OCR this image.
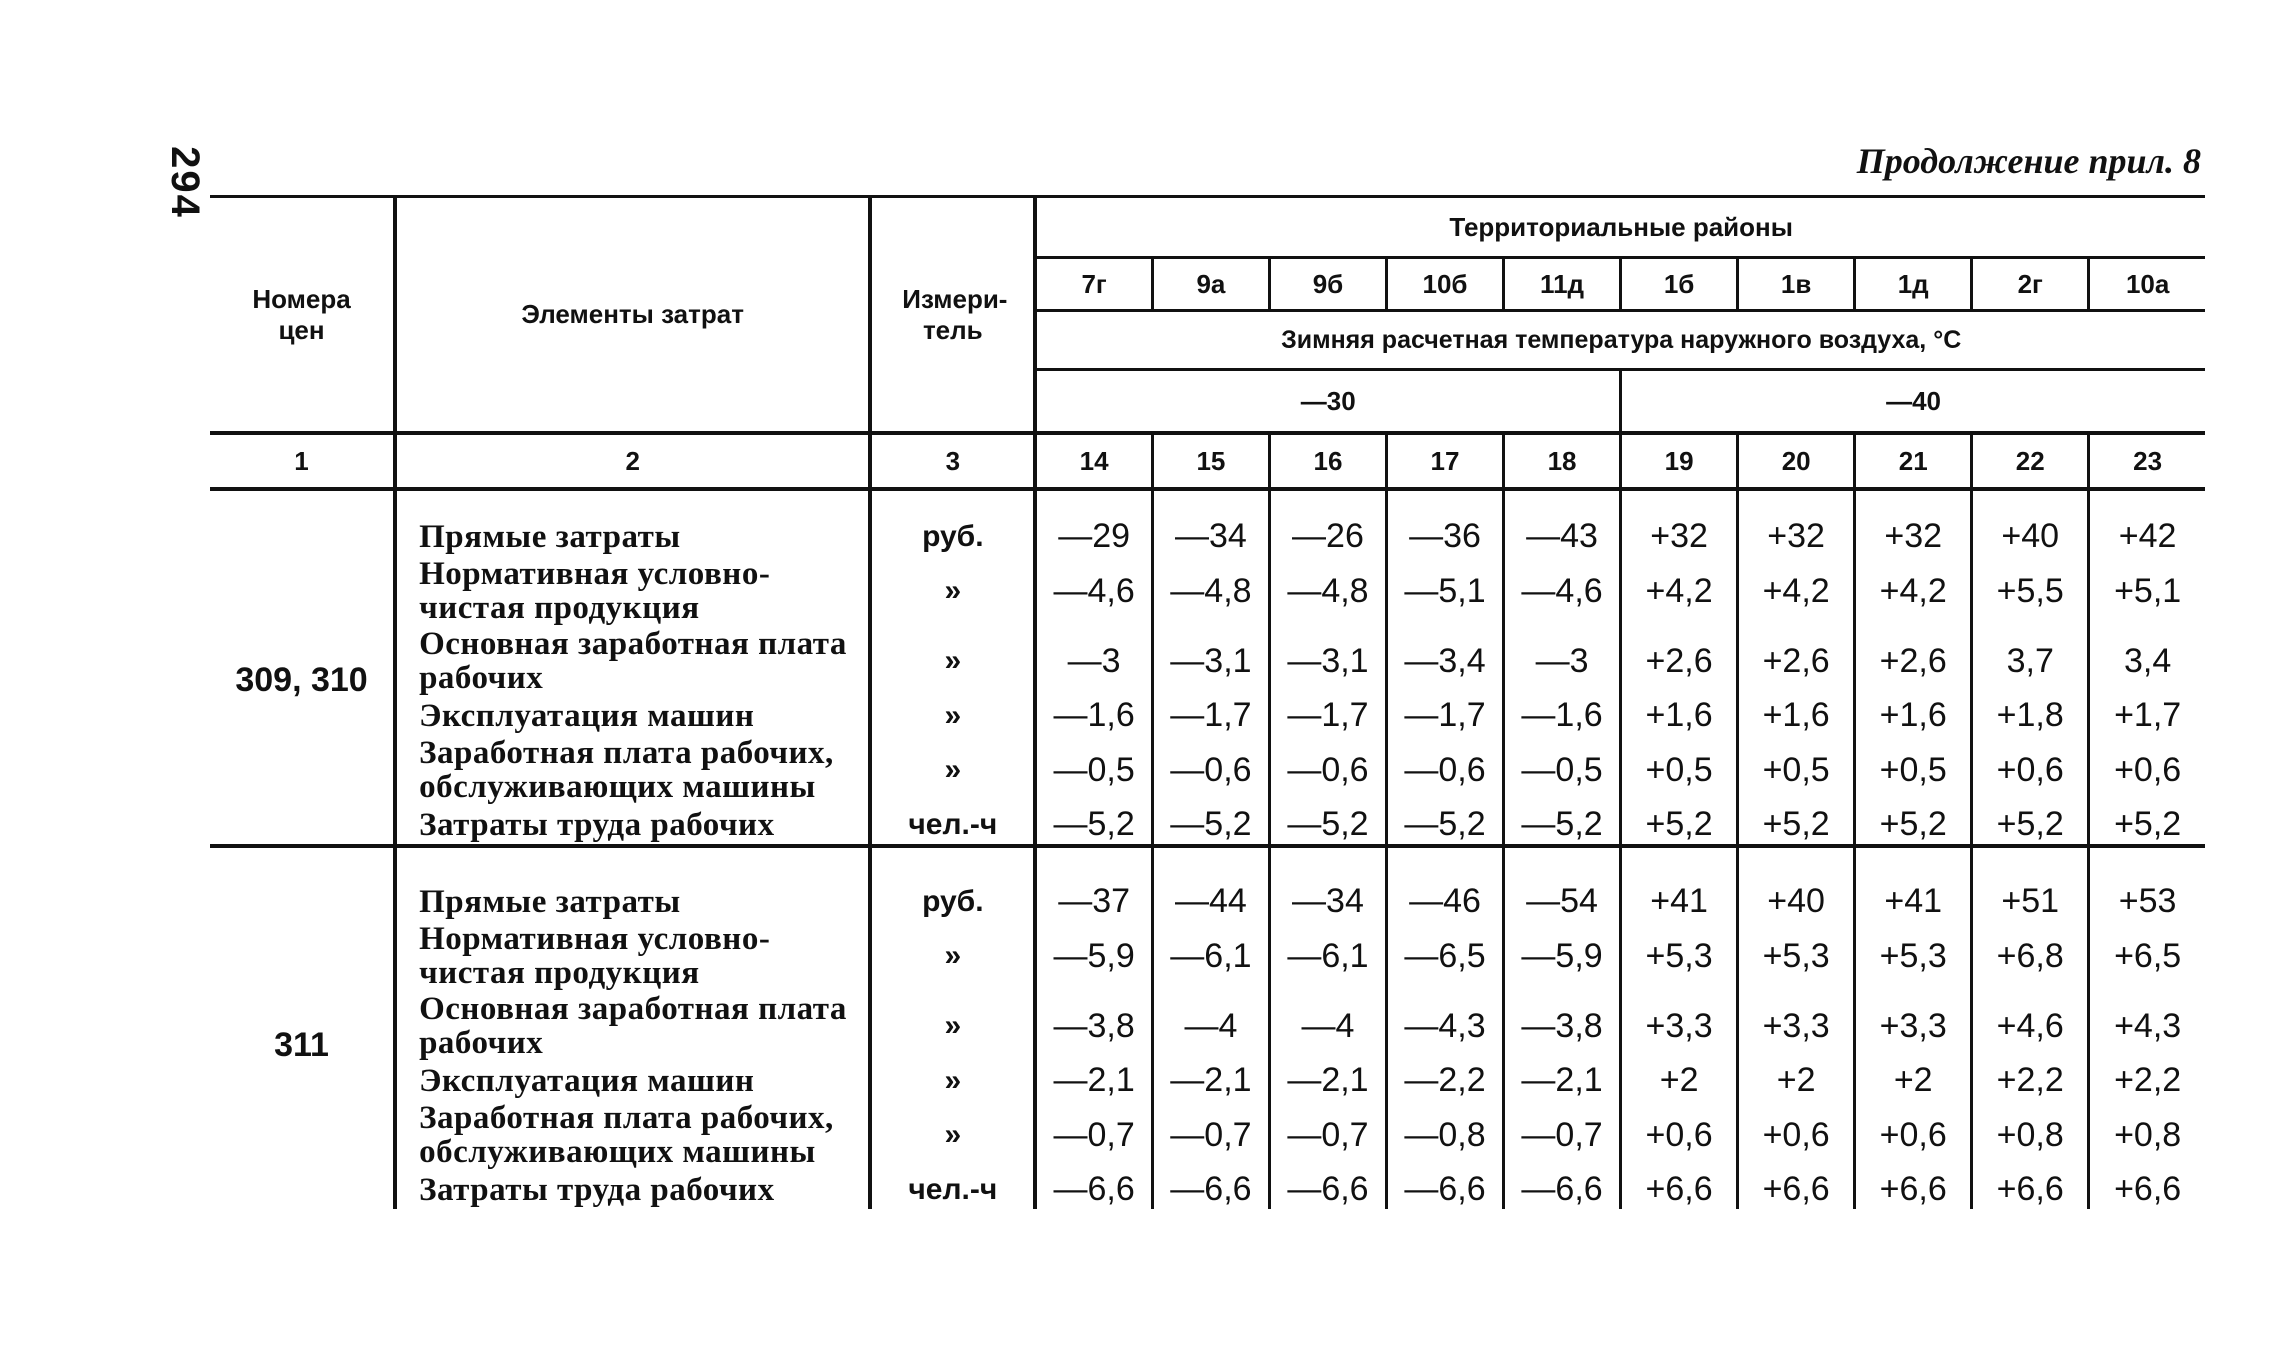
294	Продолжение прил. 8
Номера цен	Элементы затрат	Измери-тель	Территориальные районы									
			7г	9а	9б	10б	11д	1б	1в	1д	2г	10а
			Зимняя расчетная температура наружного воздуха, °С									
			—30					—40				
1	2	3	14	15	16	17	18	19	20	21	22	23

309, 310	Прямые затраты	руб.	—29	—34	—26	—36	—43	+32	+32	+32	+40	+42
	Нормативная условно-чистая продукция	»	—4,6	—4,8	—4,8	—5,1	—4,6	+4,2	+4,2	+4,2	+5,5	+5,1
	Основная заработная плата рабочих	»	—3	—3,1	—3,1	—3,4	—3	+2,6	+2,6	+2,6	3,7	3,4
	Эксплуатация машин	»	—1,6	—1,7	—1,7	—1,7	—1,6	+1,6	+1,6	+1,6	+1,8	+1,7
	Заработная плата рабочих, обслуживающих машины	»	—0,5	—0,6	—0,6	—0,6	—0,5	+0,5	+0,5	+0,5	+0,6	+0,6
	Затраты труда рабочих	чел.-ч	—5,2	—5,2	—5,2	—5,2	—5,2	+5,2	+5,2	+5,2	+5,2	+5,2

311	Прямые затраты	руб.	—37	—44	—34	—46	—54	+41	+40	+41	+51	+53
	Нормативная условно-чистая продукция	»	—5,9	—6,1	—6,1	—6,5	—5,9	+5,3	+5,3	+5,3	+6,8	+6,5
	Основная заработная плата рабочих	»	—3,8	—4	—4	—4,3	—3,8	+3,3	+3,3	+3,3	+4,6	+4,3
	Эксплуатация машин	»	—2,1	—2,1	—2,1	—2,2	—2,1	+2	+2	+2	+2,2	+2,2
	Заработная плата рабочих, обслуживающих машины	»	—0,7	—0,7	—0,7	—0,8	—0,7	+0,6	+0,6	+0,6	+0,8	+0,8
	Затраты труда рабочих	чел.-ч	—6,6	—6,6	—6,6	—6,6	—6,6	+6,6	+6,6	+6,6	+6,6	+6,6
